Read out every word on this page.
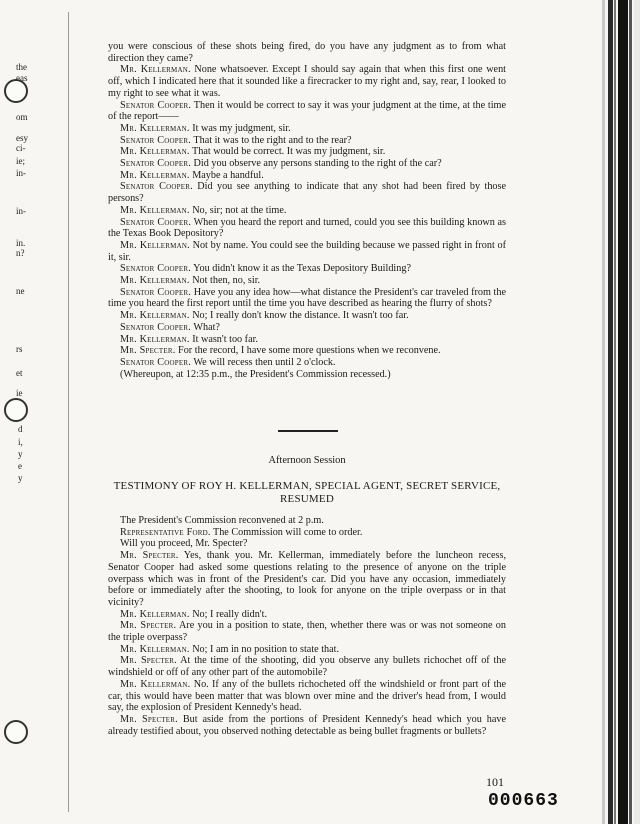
the
eas
om
esy
ci-
ie;
in-
in-
in.
n?
ne
rs
et
ie
d
i,
y
e
y

you were conscious of these shots being fired, do you have any judgment as to from what direction they came?

Mr. Kellerman. None whatsoever. Except I should say again that when this first one went off, which I indicated here that it sounded like a firecracker to my right and, say, rear, I looked to my right to see what it was.

Senator Cooper. Then it would be correct to say it was your judgment at the time, at the time of the report——

Mr. Kellerman. It was my judgment, sir.

Senator Cooper. That it was to the right and to the rear?

Mr. Kellerman. That would be correct. It was my judgment, sir.

Senator Cooper. Did you observe any persons standing to the right of the car?

Mr. Kellerman. Maybe a handful.

Senator Cooper. Did you see anything to indicate that any shot had been fired by those persons?

Mr. Kellerman. No, sir; not at the time.

Senator Cooper. When you heard the report and turned, could you see this building known as the Texas Book Depository?

Mr. Kellerman. Not by name. You could see the building because we passed right in front of it, sir.

Senator Cooper. You didn't know it as the Texas Depository Building?

Mr. Kellerman. Not then, no, sir.

Senator Cooper. Have you any idea how—what distance the President's car traveled from the time you heard the first report until the time you have described as hearing the flurry of shots?

Mr. Kellerman. No; I really don't know the distance. It wasn't too far.

Senator Cooper. What?

Mr. Kellerman. It wasn't too far.

Mr. Specter. For the record, I have some more questions when we reconvene.

Senator Cooper. We will recess then until 2 o'clock.

(Whereupon, at 12:35 p.m., the President's Commission recessed.)

Afternoon Session
TESTIMONY OF ROY H. KELLERMAN, SPECIAL AGENT, SECRET SERVICE, RESUMED

The President's Commission reconvened at 2 p.m.

Representative Ford. The Commission will come to order.

Will you proceed, Mr. Specter?

Mr. Specter. Yes, thank you. Mr. Kellerman, immediately before the luncheon recess, Senator Cooper had asked some questions relating to the presence of anyone on the triple overpass which was in front of the President's car. Did you have any occasion, immediately before or immediately after the shooting, to look for anyone on the triple overpass or in that vicinity?

Mr. Kellerman. No; I really didn't.

Mr. Specter. Are you in a position to state, then, whether there was or was not someone on the triple overpass?

Mr. Kellerman. No; I am in no position to state that.

Mr. Specter. At the time of the shooting, did you observe any bullets richochet off of the windshield or off of any other part of the automobile?

Mr. Kellerman. No. If any of the bullets richocheted off the windshield or front part of the car, this would have been matter that was blown over mine and the driver's head from, I would say, the explosion of President Kennedy's head.

Mr. Specter. But aside from the portions of President Kennedy's head which you have already testified about, you observed nothing detectable as being bullet fragments or bullets?

101
000663
